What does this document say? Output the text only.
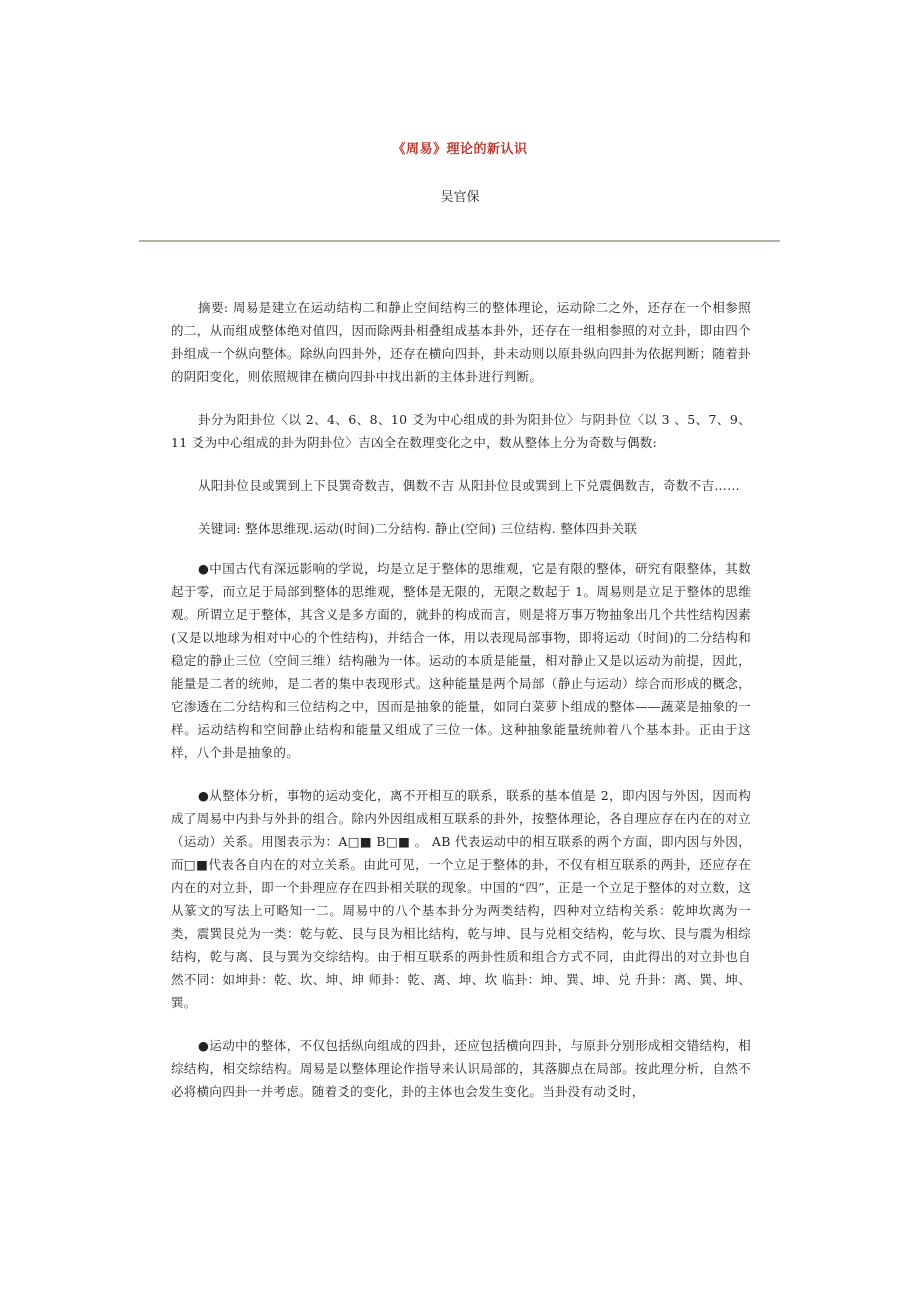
《周易》理论的新认识
吴官保

摘要: 周易是建立在运动结构二和静止空间结构三的整体理论，运动除二之外，还存在一个相参照的二，从而组成整体绝对值四，因而除两卦相叠组成基本卦外，还存在一组相参照的对立卦，即由四个卦组成一个纵向整体。除纵向四卦外，还存在横向四卦，卦未动则以原卦纵向四卦为依据判断；随着卦的阴阳变化，则依照规律在横向四卦中找出新的主体卦进行判断。

卦分为阳卦位〈以 2、4、6、8、10 爻为中心组成的卦为阳卦位〉与阴卦位〈以 3 、5、7、9、11 爻为中心组成的卦为阴卦位〉吉凶全在数理变化之中，数从整体上分为奇数与偶数:

从阳卦位艮或巽到上下艮巽奇数吉，偶数不吉 从阳卦位艮或巽到上下兑震偶数吉，奇数不吉……

关键词: 整体思维现.运动(时间)二分结构. 静止(空间) 三位结构. 整体四卦关联

●中国古代有深远影响的学说，均是立足于整体的思维观，它是有限的整体，研究有限整体，其数起于零，而立足于局部到整体的思维观，整体是无限的，无限之数起于 1。周易则是立足于整体的思维观。所谓立足于整体，其含义是多方面的，就卦的构成而言，则是将万事万物抽象出几个共性结构因素(又是以地球为相对中心的个性结构)，并结合一体，用以表现局部事物，即将运动（时间)的二分结构和稳定的静止三位（空间三维）结构融为一体。运动的本质是能量，相对静止又是以运动为前提，因此，能量是二者的统帅，是二者的集中表现形式。这种能量是两个局部（静止与运动）综合而形成的概念，它渗透在二分结构和三位结构之中，因而是抽象的能量，如同白菜萝卜组成的整体——蔬菜是抽象的一样。运动结构和空间静止结构和能量又组成了三位一体。这种抽象能量统帅着八个基本卦。正由于这样，八个卦是抽象的。

●从整体分析，事物的运动变化，离不开相互的联系，联系的基本值是 2，即内因与外因，因而构成了周易中内卦与外卦的组合。除内外因组成相互联系的卦外，按整体理论，各自理应存在内在的对立（运动）关系。用图表示为：A□■ B□■ 。 AB 代表运动中的相互联系的两个方面，即内因与外因，而□■代表各自内在的对立关系。由此可见，一个立足于整体的卦，不仅有相互联系的两卦，还应存在内在的对立卦，即一个卦理应存在四卦相关联的现象。中国的“四”，正是一个立足于整体的对立数，这从篆文的写法上可略知一二。周易中的八个基本卦分为两类结构，四种对立结构关系：乾坤坎离为一类，震巽艮兑为一类：乾与乾、艮与艮为相比结构，乾与坤、艮与兑相交结构，乾与坎、艮与震为相综结构，乾与离、艮与巽为交综结构。由于相互联系的两卦性质和组合方式不同，由此得出的对立卦也自然不同：如坤卦：乾、坎、坤、坤 师卦：乾、离、坤、坎 临卦：坤、巽、坤、兑 升卦：离、巽、坤、巽。

●运动中的整体，不仅包括纵向组成的四卦，还应包括横向四卦，与原卦分别形成相交错结构，相综结构，相交综结构。周易是以整体理论作指导来认识局部的，其落脚点在局部。按此理分析，自然不必将横向四卦一并考虑。随着爻的变化，卦的主体也会发生变化。当卦没有动爻时，
